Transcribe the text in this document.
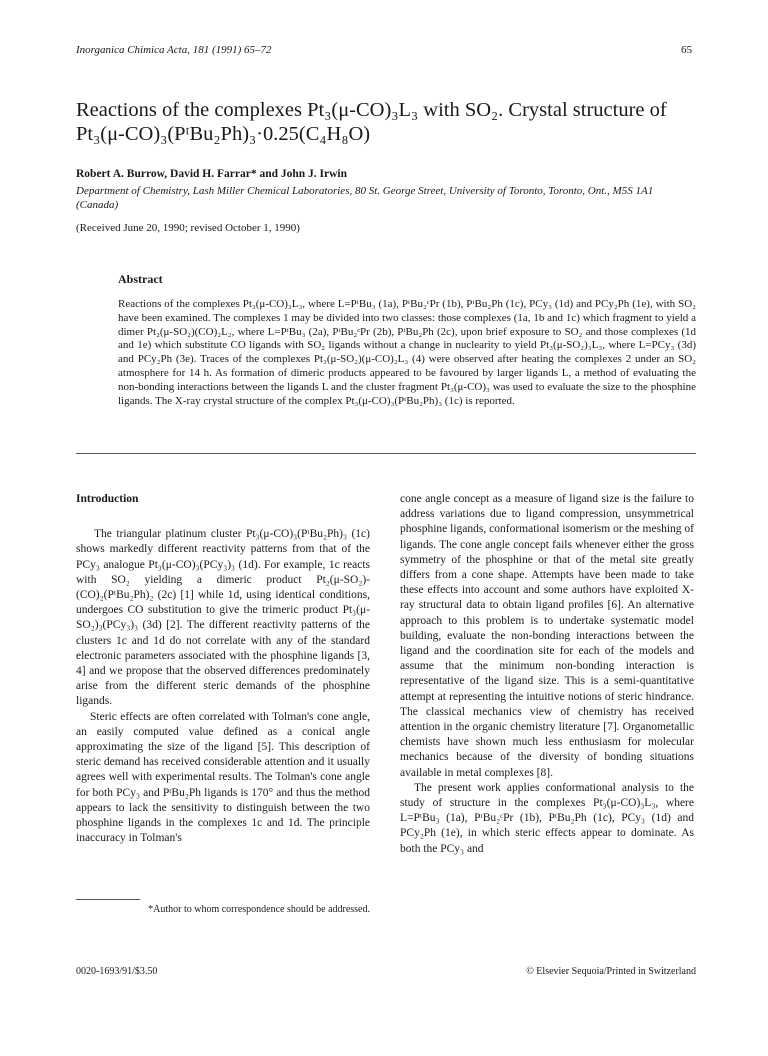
Inorganica Chimica Acta, 181 (1991) 65–72	65
Reactions of the complexes Pt₃(μ-CO)₃L₃ with SO₂. Crystal structure of Pt₃(μ-CO)₃(PᵗBu₂Ph)₃·0.25(C₄H₈O)
Robert A. Burrow, David H. Farrar* and John J. Irwin
Department of Chemistry, Lash Miller Chemical Laboratories, 80 St. George Street, University of Toronto, Toronto, Ont., M5S 1A1 (Canada)
(Received June 20, 1990; revised October 1, 1990)
Abstract
Reactions of the complexes Pt₃(μ-CO)₃L₃, where L=PᵗBu₃ (1a), PᵗBu₂ᶜPr (1b), PᵗBu₂Ph (1c), PCy₃ (1d) and PCy₂Ph (1e), with SO₂ have been examined. The complexes 1 may be divided into two classes: those complexes (1a, 1b and 1c) which fragment to yield a dimer Pt₂(μ-SO₂)(CO)₂L₂, where L=PᵗBu₃ (2a), PᵗBu₂ᶜPr (2b), PᵗBu₂Ph (2c), upon brief exposure to SO₂ and those complexes (1d and 1e) which substitute CO ligands with SO₂ ligands without a change in nuclearity to yield Pt₃(μ-SO₂)₃L₃, where L=PCy₃ (3d) and PCy₂Ph (3e). Traces of the complexes Pt₃(μ-SO₂)(μ-CO)₂L₃ (4) were observed after heating the complexes 2 under an SO₂ atmosphere for 14 h. As formation of dimeric products appeared to be favoured by larger ligands L, a method of evaluating the non-bonding interactions between the ligands L and the cluster fragment Pt₃(μ-CO)₃ was used to evaluate the size to the phosphine ligands. The X-ray crystal structure of the complex Pt₃(μ-CO)₃(PᵗBu₂Ph)₃ (1c) is reported.
Introduction

The triangular platinum cluster Pt₃(μ-CO)₃(PᵗBu₂Ph)₃ (1c) shows markedly different reactivity patterns from that of the PCy₃ analogue Pt₃(μ-CO)₃(PCy₃)₃ (1d). For example, 1c reacts with SO₂ yielding a dimeric product Pt₂(μ-SO₂)-(CO)₂(PᵗBu₂Ph)₂ (2c) [1] while 1d, using identical conditions, undergoes CO substitution to give the trimeric product Pt₃(μ-SO₂)₃(PCy₃)₃ (3d) [2]. The different reactivity patterns of the clusters 1c and 1d do not correlate with any of the standard electronic parameters associated with the phosphine ligands [3, 4] and we propose that the observed differences predominately arise from the different steric demands of the phosphine ligands.

Steric effects are often correlated with Tolman's cone angle, an easily computed value defined as a conical angle approximating the size of the ligand [5]. This description of steric demand has received considerable attention and it usually agrees well with experimental results. The Tolman's cone angle for both PCy₃ and PᵗBu₂Ph ligands is 170° and thus the method appears to lack the sensitivity to distinguish between the two phosphine ligands in the complexes 1c and 1d. The principle inaccuracy in Tolman's

cone angle concept as a measure of ligand size is the failure to address variations due to ligand compression, unsymmetrical phosphine ligands, conformational isomerism or the meshing of ligands. The cone angle concept fails whenever either the gross symmetry of the phosphine or that of the metal site greatly differs from a cone shape. Attempts have been made to take these effects into account and some authors have exploited X-ray structural data to obtain ligand profiles [6]. An alternative approach to this problem is to undertake systematic model building, evaluate the non-bonding interactions between the ligand and the coordination site for each of the models and assume that the minimum non-bonding interaction is representative of the ligand size. This is a semi-quantitative attempt at representing the intuitive notions of steric hindrance. The classical mechanics view of chemistry has received attention in the organic chemistry literature [7]. Organometallic chemists have shown much less enthusiasm for molecular mechanics because of the diversity of bonding situations available in metal complexes [8].

The present work applies conformational analysis to the study of structure in the complexes Pt₃(μ-CO)₃L₃, where L=PᵗBu₃ (1a), PᵗBu₂ᶜPr (1b), PᵗBu₂Ph (1c), PCy₃ (1d) and PCy₂Ph (1e), in which steric effects appear to dominate. As both the PCy₃ and

*Author to whom correspondence should be addressed.
0020-1693/91/$3.50	© Elsevier Sequoia/Printed in Switzerland
